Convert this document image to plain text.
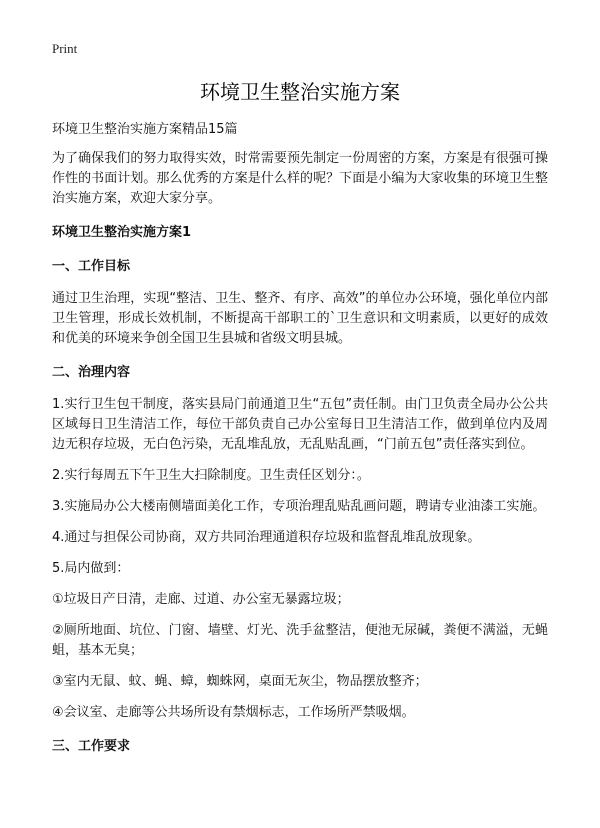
Print
环境卫生整治实施方案
环境卫生整治实施方案精品15篇
为了确保我们的努力取得实效，时常需要预先制定一份周密的方案，方案是有很强可操作性的书面计划。那么优秀的方案是什么样的呢？下面是小编为大家收集的环境卫生整治实施方案，欢迎大家分享。
环境卫生整治实施方案1
一、工作目标
通过卫生治理，实现“整洁、卫生、整齐、有序、高效”的单位办公环境，强化单位内部卫生管理，形成长效机制，不断提高干部职工的`卫生意识和文明素质，以更好的成效和优美的环境来争创全国卫生县城和省级文明县城。
二、治理内容
1.实行卫生包干制度，落实县局门前通道卫生“五包”责任制。由门卫负责全局办公公共区域每日卫生清洁工作，每位干部负责自己办公室每日卫生清洁工作，做到单位内及周边无积存垃圾，无白色污染，无乱堆乱放，无乱贴乱画，“门前五包”责任落实到位。
2.实行每周五下午卫生大扫除制度。卫生责任区划分：。
3.实施局办公大楼南侧墙面美化工作，专项治理乱贴乱画问题，聘请专业油漆工实施。
4.通过与担保公司协商，双方共同治理通道积存垃圾和监督乱堆乱放现象。
5.局内做到：
①垃圾日产日清，走廊、过道、办公室无暴露垃圾；
②厕所地面、坑位、门窗、墙壁、灯光、洗手盆整洁，便池无尿碱，粪便不满溢，无蝇蛆，基本无臭；
③室内无鼠、蚊、蝇、蟑，蜘蛛网，桌面无灰尘，物品摆放整齐；
④会议室、走廊等公共场所设有禁烟标志，工作场所严禁吸烟。
三、工作要求
